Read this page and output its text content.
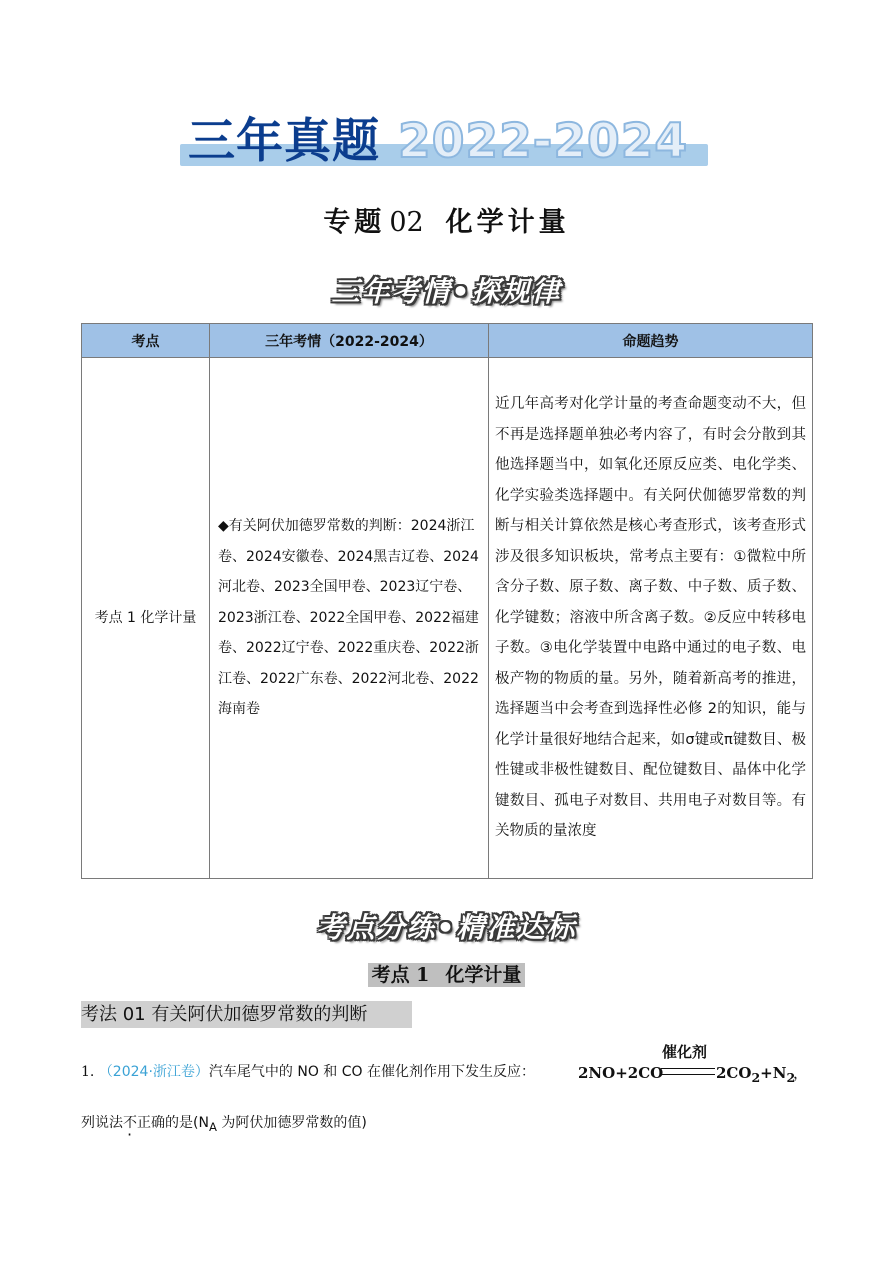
三年真题 2022-2024
专题 02 化学计量
三年考情•探规律
考点	三年考情（2022-2024）	命题趋势
考点 1 化学计量	◆有关阿伏加德罗常数的判断：2024浙江卷、2024安徽卷、2024黑吉辽卷、2024河北卷、2023全国甲卷、2023辽宁卷、2023浙江卷、2022全国甲卷、2022福建卷、2022辽宁卷、2022重庆卷、2022浙江卷、2022广东卷、2022河北卷、2022海南卷	近几年高考对化学计量的考查命题变动不大，但不再是选择题单独必考内容了，有时会分散到其他选择题当中，如氧化还原反应类、电化学类、化学实验类选择题中。有关阿伏伽德罗常数的判断与相关计算依然是核心考查形式，该考查形式涉及很多知识板块，常考点主要有：①微粒中所含分子数、原子数、离子数、中子数、质子数、化学键数；溶液中所含离子数。②反应中转移电子数。③电化学装置中电路中通过的电子数、电极产物的物质的量。另外，随着新高考的推进，选择题当中会考查到选择性必修 2的知识，能与化学计量很好地结合起来，如σ键或π键数目、极性键或非极性键数目、配位键数目、晶体中化学键数目、孤电子对数目、共用电子对数目等。有关物质的量浓度
考点分练•精准达标
考点 1 化学计量
考法 01 有关阿伏加德罗常数的判断
1. （2024·浙江卷）汽车尾气中的 NO 和 CO 在催化剂作用下发生反应：
催化剂
2NO+2CO	$2CO_2+N_2$
，
列说法不正确的是($N_A$ 为阿伏加德罗常数的值)
